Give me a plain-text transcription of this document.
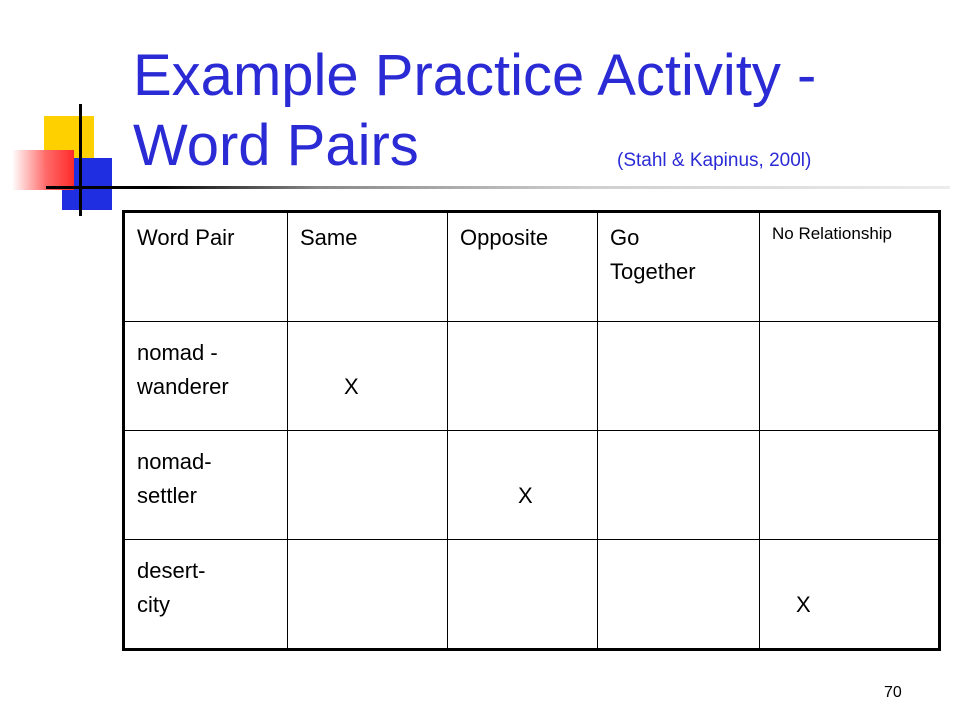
Example Practice Activity -
Word Pairs	(Stahl & Kapinus, 200l)
Word Pair	Same	Opposite	Go Together	No Relationship

nomad - wanderer	X			

nomad- settler		X		

desert- city				X
70
